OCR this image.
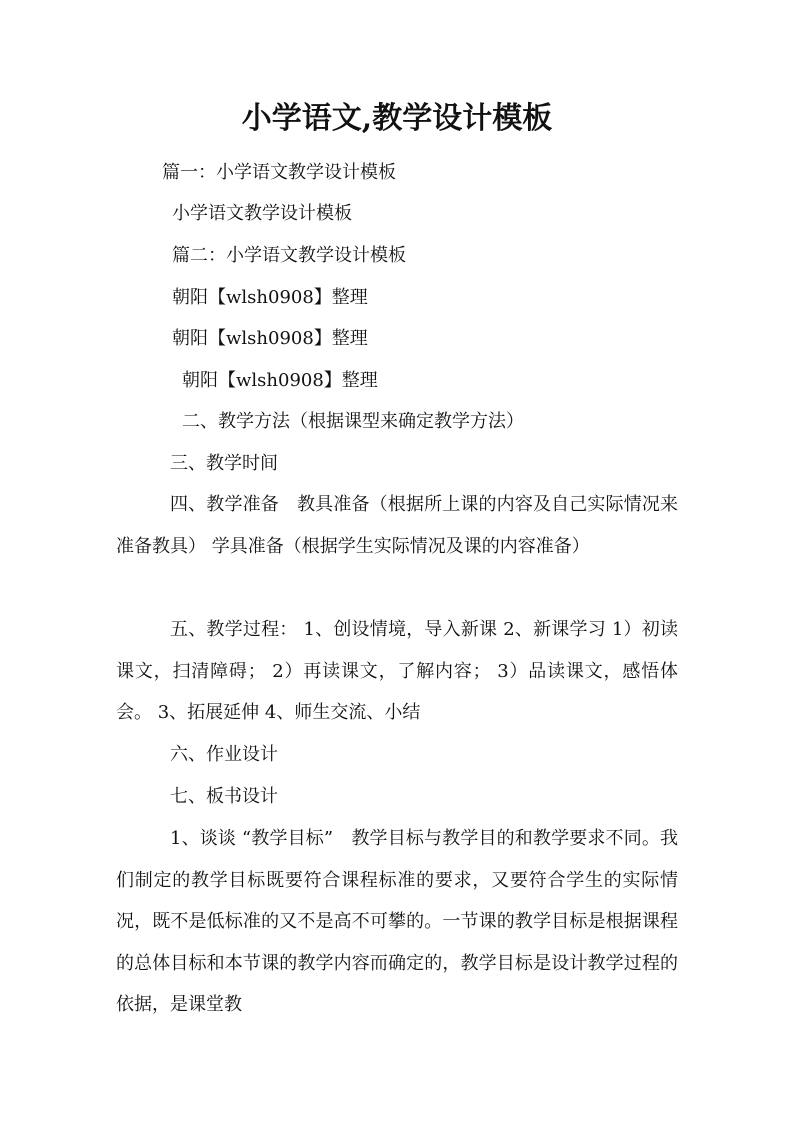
小学语文,教学设计模板

篇一：小学语文教学设计模板

小学语文教学设计模板

篇二：小学语文教学设计模板

朝阳【wlsh0908】整理

朝阳【wlsh0908】整理

朝阳【wlsh0908】整理

二、教学方法（根据课型来确定教学方法）

三、教学时间

四、教学准备　教具准备（根据所上课的内容及自己实际情况来准备教具） 学具准备（根据学生实际情况及课的内容准备）

五、教学过程： 1、创设情境，导入新课 2、新课学习 1）初读课文，扫清障碍； 2）再读课文，了解内容； 3）品读课文，感悟体会。 3、拓展延伸 4、师生交流、小结

六、作业设计

七、板书设计

1、谈谈 “教学目标”　教学目标与教学目的和教学要求不同。我们制定的教学目标既要符合课程标准的要求，又要符合学生的实际情况，既不是低标准的又不是高不可攀的。一节课的教学目标是根据课程的总体目标和本节课的教学内容而确定的，教学目标是设计教学过程的依据，是课堂教
